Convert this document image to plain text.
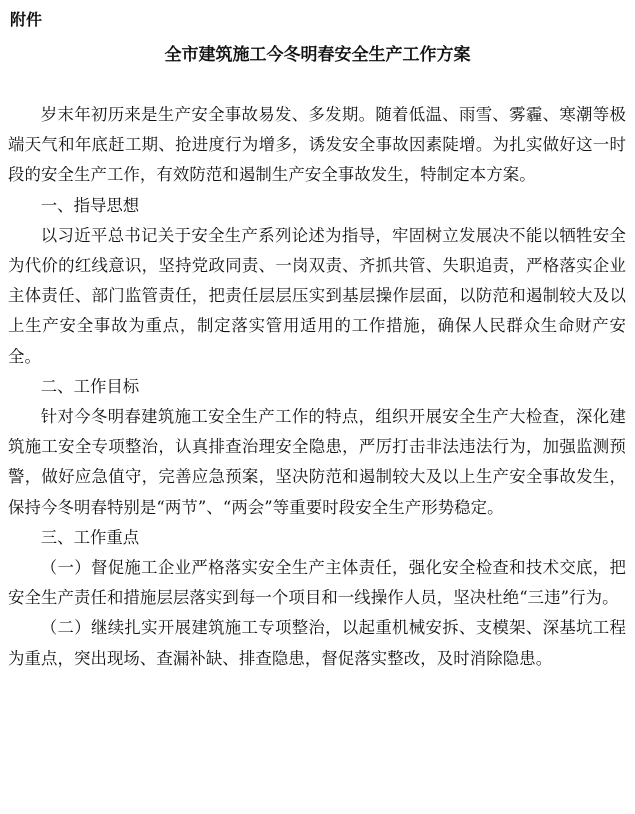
附件

全市建筑施工今冬明春安全生产工作方案

岁末年初历来是生产安全事故易发、多发期。随着低温、雨雪、雾霾、寒潮等极端天气和年底赶工期、抢进度行为增多，诱发安全事故因素陡增。为扎实做好这一时段的安全生产工作，有效防范和遏制生产安全事故发生，特制定本方案。

一、指导思想

以习近平总书记关于安全生产系列论述为指导，牢固树立发展决不能以牺牲安全为代价的红线意识，坚持党政同责、一岗双责、齐抓共管、失职追责，严格落实企业主体责任、部门监管责任，把责任层层压实到基层操作层面，以防范和遏制较大及以上生产安全事故为重点，制定落实管用适用的工作措施，确保人民群众生命财产安全。

二、工作目标

针对今冬明春建筑施工安全生产工作的特点，组织开展安全生产大检查，深化建筑施工安全专项整治，认真排查治理安全隐患，严厉打击非法违法行为，加强监测预警，做好应急值守，完善应急预案，坚决防范和遏制较大及以上生产安全事故发生，保持今冬明春特别是“两节”、“两会”等重要时段安全生产形势稳定。

三、工作重点

（一）督促施工企业严格落实安全生产主体责任，强化安全检查和技术交底，把安全生产责任和措施层层落实到每一个项目和一线操作人员，坚决杜绝“三违”行为。

（二）继续扎实开展建筑施工专项整治，以起重机械安拆、支模架、深基坑工程为重点，突出现场、查漏补缺、排查隐患，督促落实整改，及时消除隐患。
